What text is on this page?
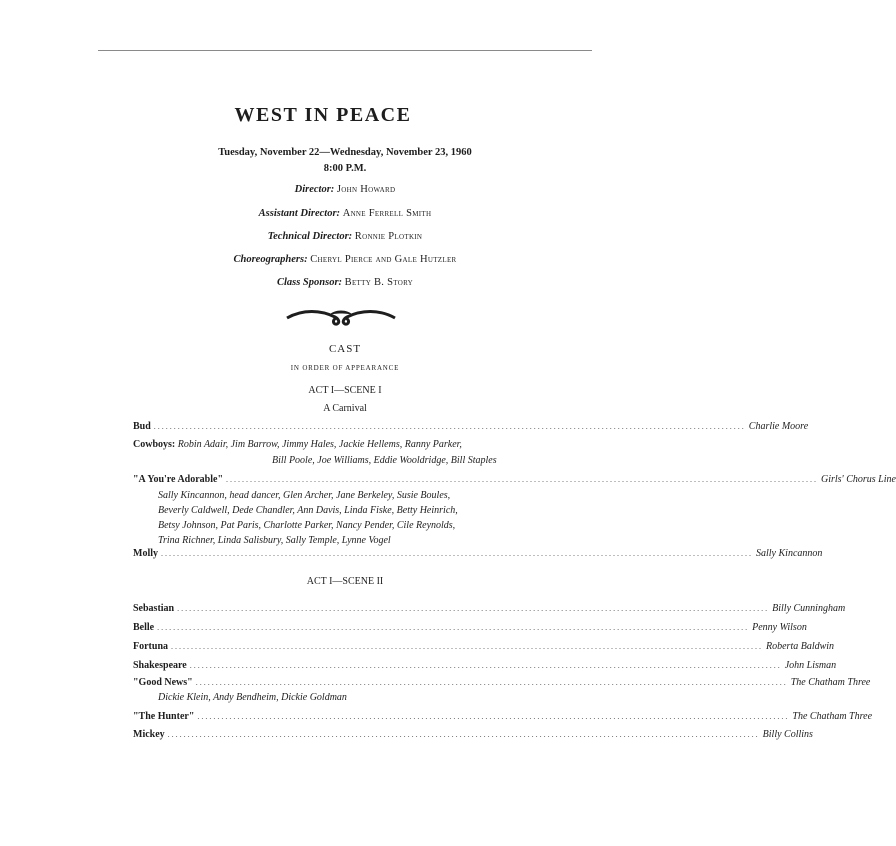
WEST IN PEACE
Tuesday, November 22—Wednesday, November 23, 1960
8:00 P.M.
Director: John Howard
Assistant Director: Anne Ferrell Smith
Technical Director: Ronnie Plotkin
Choreographers: Cheryl Pierce and Gale Hutzler
Class Sponsor: Betty B. Story
CAST
IN ORDER OF APPEARANCE
ACT I—SCENE I
A Carnival
Bud .................................................................................................................................................... Charlie Moore
Cowboys: Robin Adair, Jim Barrow, Jimmy Hales, Jackie Hellems, Ranny Parker,
Bill Poole, Joe Williams, Eddie Wooldridge, Bill Staples
"A You're Adorable" .................................................................................................................................................... Girls' Chorus Line
Sally Kincannon, head dancer, Glen Archer, Jane Berkeley, Susie Boules,
Beverly Caldwell, Dede Chandler, Ann Davis, Linda Fiske, Betty Heinrich,
Betsy Johnson, Pat Paris, Charlotte Parker, Nancy Pender, Cile Reynolds,
Trina Richner, Linda Salisbury, Sally Temple, Lynne Vogel
Molly .................................................................................................................................................... Sally Kincannon
ACT I—SCENE II
Sebastian .................................................................................................................................................... Billy Cunningham
Belle .................................................................................................................................................... Penny Wilson
Fortuna .................................................................................................................................................... Roberta Baldwin
Shakespeare .................................................................................................................................................... John Lisman
"Good News" .................................................................................................................................................... The Chatham Three
Dickie Klein, Andy Bendheim, Dickie Goldman
"The Hunter" .................................................................................................................................................... The Chatham Three
Mickey .................................................................................................................................................... Billy Collins
